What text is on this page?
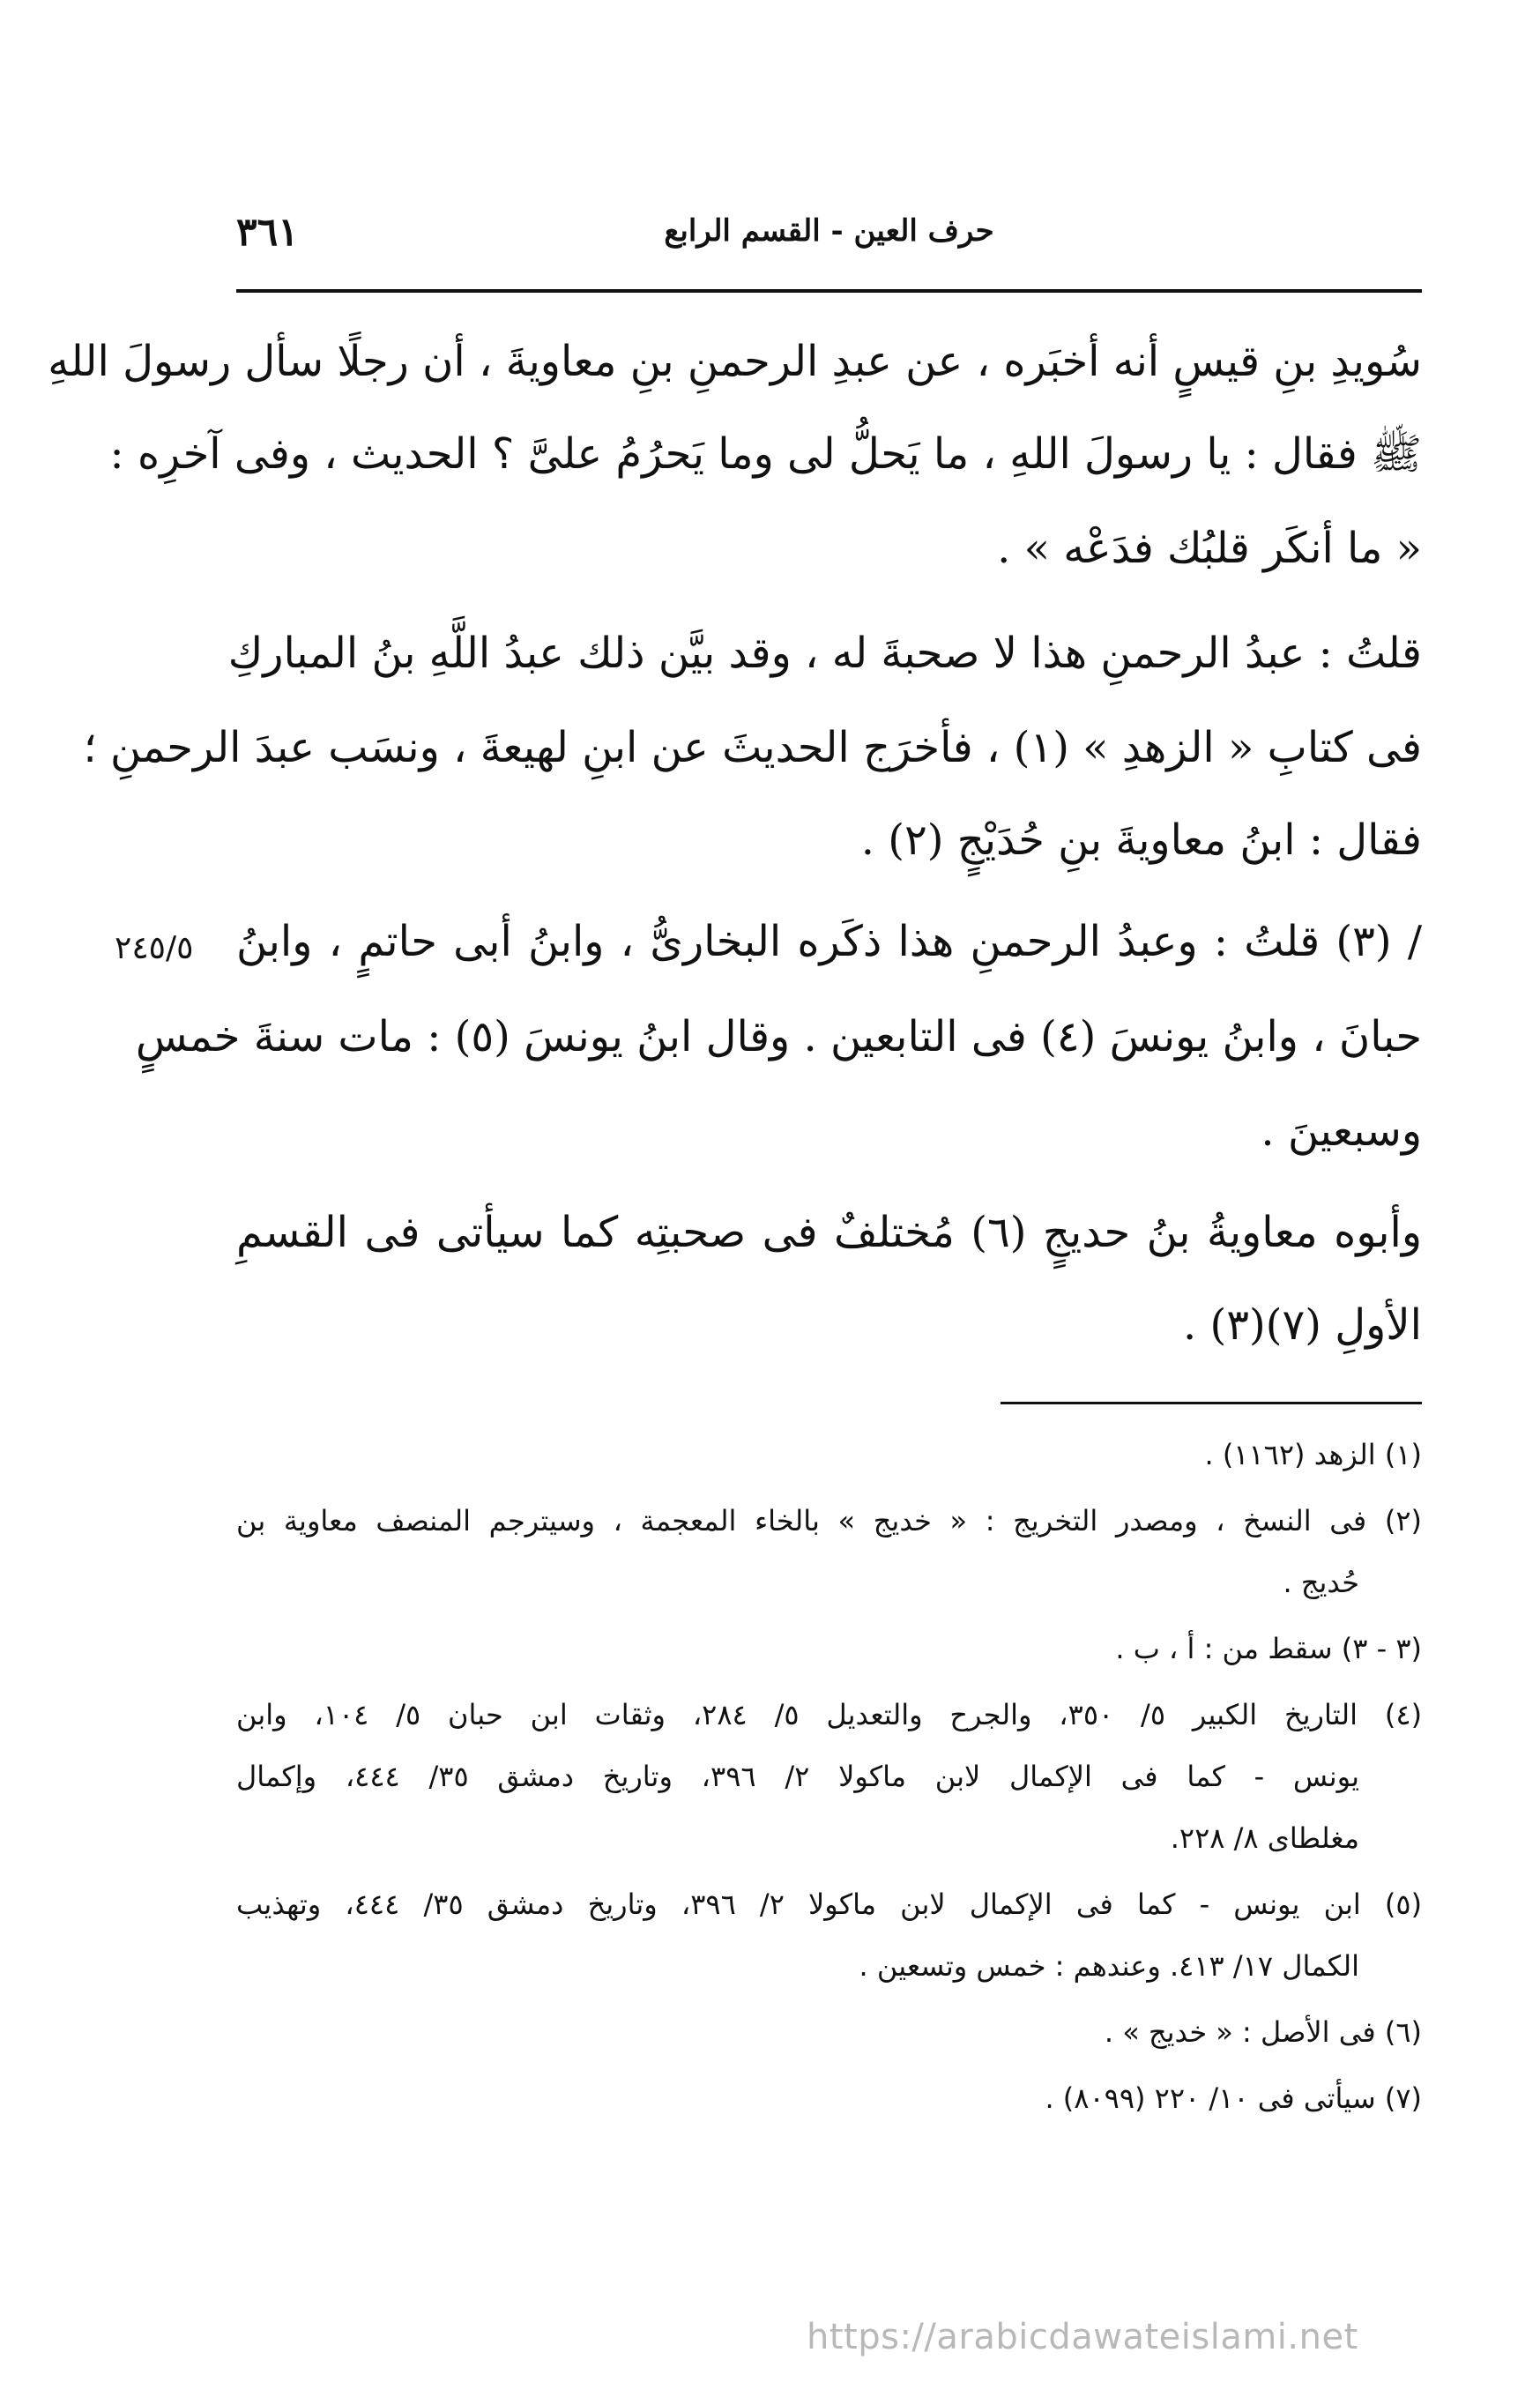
٣٦١	حرف العين - القسم الرابع
سُويدِ بنِ قيسٍ أنه أخبَره ، عن عبدِ الرحمنِ بنِ معاويةَ ، أن رجلًا سأل رسولَ اللهِ
ﷺ فقال : يا رسولَ اللهِ ، ما يَحلُّ لى وما يَحرُمُ علىَّ ؟ الحديث ، وفى آخرِه :
« ما أنكَر قلبُك فدَعْه » .
قلتُ : عبدُ الرحمنِ هذا لا صحبةَ له ، وقد بيَّن ذلك عبدُ اللَّهِ بنُ المباركِ
فى كتابِ « الزهدِ » (١) ، فأخرَج الحديثَ عن ابنِ لهيعةَ ، ونسَب عبدَ الرحمنِ ؛
فقال : ابنُ معاويةَ بنِ حُدَيْجٍ (٢) .
/ (٣) قلتُ : وعبدُ الرحمنِ هذا ذكَره البخارىُّ ، وابنُ أبى حاتمٍ ، وابنُ
حبانَ ، وابنُ يونسَ (٤) فى التابعين . وقال ابنُ يونسَ (٥) : مات سنةَ خمسٍ
وسبعينَ .
وأبوه معاويةُ بنُ حديجٍ (٦) مُختلفٌ فى صحبتِه كما سيأتى فى القسمِ
الأولِ (٧)(٣) .
٢٤٥/٥
(١) الزهد (١١٦٢) .
(٢) فى النسخ ، ومصدر التخريج : « خديج » بالخاء المعجمة ، وسيترجم المنصف معاوية بن
حُديج .
(٣ - ٣) سقط من : أ ، ب .
(٤) التاريخ الكبير ٥/ ٣٥٠، والجرح والتعديل ٥/ ٢٨٤، وثقات ابن حبان ٥/ ١٠٤، وابن
يونس - كما فى الإكمال لابن ماكولا ٢/ ٣٩٦، وتاريخ دمشق ٣٥/ ٤٤٤، وإكمال
مغلطاى ٨/ ٢٢٨.
(٥) ابن يونس - كما فى الإكمال لابن ماكولا ٢/ ٣٩٦، وتاريخ دمشق ٣٥/ ٤٤٤، وتهذيب
الكمال ١٧/ ٤١٣. وعندهم : خمس وتسعين .
(٦) فى الأصل : « خديج » .
(٧) سيأتى فى ١٠/ ٢٢٠ (٨٠٩٩) .
https://arabicdawateislami.net
